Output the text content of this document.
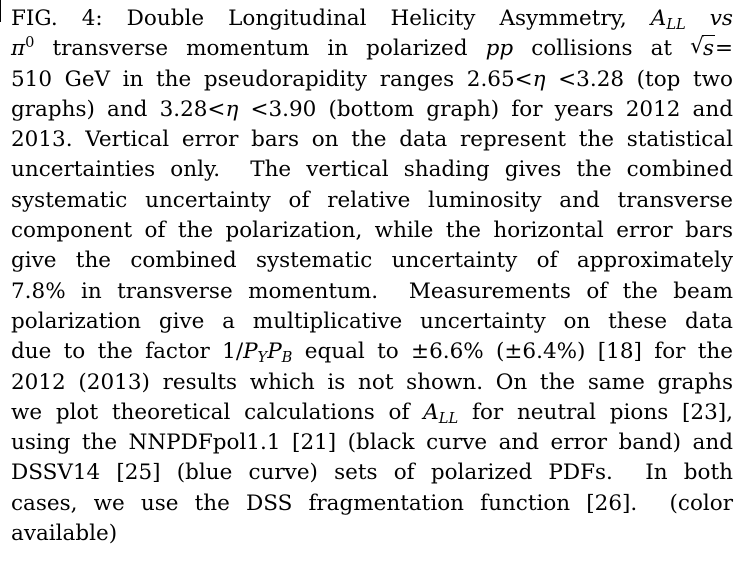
FIG. 4: Double Longitudinal Helicity Asymmetry, $A_{LL}$ vs
$\pi^0$ transverse momentum in polarized pp collisions at √ s=
510 GeV in the pseudorapidity ranges 2.65<η <3.28 (top two
graphs) and 3.28<η <3.90 (bottom graph) for years 2012 and
2013. Vertical error bars on the data represent the statistical
uncertainties only.  The vertical shading gives the combined
systematic uncertainty of relative luminosity and transverse
component of the polarization, while the horizontal error bars
give the combined systematic uncertainty of approximately
7.8% in transverse momentum.  Measurements of the beam
polarization give a multiplicative uncertainty on these data
due to the factor $1/P_YP_B$ equal to ±6.6% (±6.4%) [18] for the
2012 (2013) results which is not shown. On the same graphs
we plot theoretical calculations of $A_{LL}$ for neutral pions [23],
using the NNPDFpol1.1 [21] (black curve and error band) and
DSSV14 [25] (blue curve) sets of polarized PDFs.  In both
cases, we use the DSS fragmentation function [26].  (color
available)
